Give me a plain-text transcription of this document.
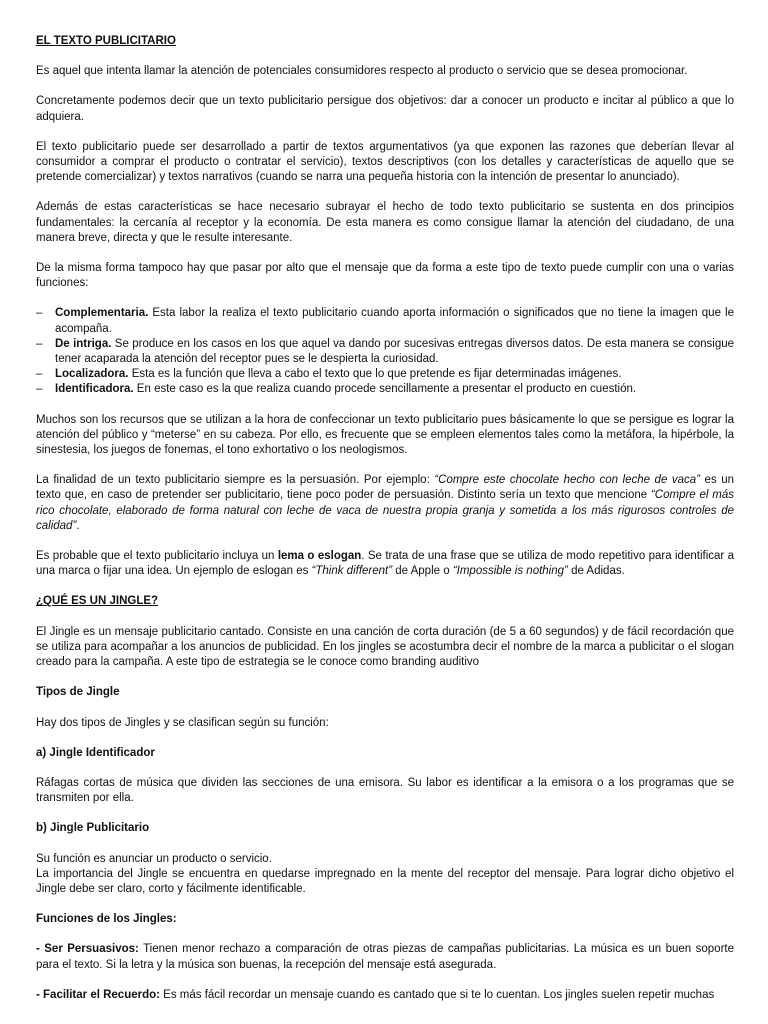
EL TEXTO PUBLICITARIO

Es aquel que intenta llamar la atención de potenciales consumidores respecto al producto o servicio que se desea promocionar.

Concretamente podemos decir que un texto publicitario persigue dos objetivos: dar a conocer un producto e incitar al público a que lo adquiera.

El texto publicitario puede ser desarrollado a partir de textos argumentativos (ya que exponen las razones que deberían llevar al consumidor a comprar el producto o contratar el servicio), textos descriptivos (con los detalles y características de aquello que se pretende comercializar) y textos narrativos (cuando se narra una pequeña historia con la intención de presentar lo anunciado).

Además de estas características se hace necesario subrayar el hecho de todo texto publicitario se sustenta en dos principios fundamentales: la cercanía al receptor y la economía. De esta manera es como consigue llamar la atención del ciudadano, de una manera breve, directa y que le resulte interesante.

De la misma forma tampoco hay que pasar por alto que el mensaje que da forma a este tipo de texto puede cumplir con una o varias funciones:

– Complementaria. Esta labor la realiza el texto publicitario cuando aporta información o significados que no tiene la imagen que le acompaña.
– De intriga. Se produce en los casos en los que aquel va dando por sucesivas entregas diversos datos. De esta manera se consigue tener acaparada la atención del receptor pues se le despierta la curiosidad.
– Localizadora. Esta es la función que lleva a cabo el texto que lo que pretende es fijar determinadas imágenes.
– Identificadora. En este caso es la que realiza cuando procede sencillamente a presentar el producto en cuestión.

Muchos son los recursos que se utilizan a la hora de confeccionar un texto publicitario pues básicamente lo que se persigue es lograr la atención del público y “meterse” en su cabeza. Por ello, es frecuente que se empleen elementos tales como la metáfora, la hipérbole, la sinestesia, los juegos de fonemas, el tono exhortativo o los neologismos.

La finalidad de un texto publicitario siempre es la persuasión. Por ejemplo: “Compre este chocolate hecho con leche de vaca” es un texto que, en caso de pretender ser publicitario, tiene poco poder de persuasión. Distinto sería un texto que mencione “Compre el más rico chocolate, elaborado de forma natural con leche de vaca de nuestra propia granja y sometida a los más rigurosos controles de calidad”.

Es probable que el texto publicitario incluya un lema o eslogan. Se trata de una frase que se utiliza de modo repetitivo para identificar a una marca o fijar una idea. Un ejemplo de eslogan es “Think different” de Apple o “Impossible is nothing” de Adidas.

¿QUÉ ES UN JINGLE?

El Jingle es un mensaje publicitario cantado. Consiste en una canción de corta duración (de 5 a 60 segundos) y de fácil recordación que se utiliza para acompañar a los anuncios de publicidad. En los jingles se acostumbra decir el nombre de la marca a publicitar o el slogan creado para la campaña. A este tipo de estrategia se le conoce como branding auditivo

Tipos de Jingle

Hay dos tipos de Jingles y se clasifican según su función:

a) Jingle Identificador

Ráfagas cortas de música que dividen las secciones de una emisora. Su labor es identificar a la emisora o a los programas que se transmiten por ella.

b) Jingle Publicitario

Su función es anunciar un producto o servicio.

La importancia del Jingle se encuentra en quedarse impregnado en la mente del receptor del mensaje. Para lograr dicho objetivo el Jingle debe ser claro, corto y fácilmente identificable.

Funciones de los Jingles:

- Ser Persuasivos: Tienen menor rechazo a comparación de otras piezas de campañas publicitarias. La música es un buen soporte para el texto. Si la letra y la música son buenas, la recepción del mensaje está asegurada.

- Facilitar el Recuerdo: Es más fácil recordar un mensaje cuando es cantado que si te lo cuentan. Los jingles suelen repetir muchas
